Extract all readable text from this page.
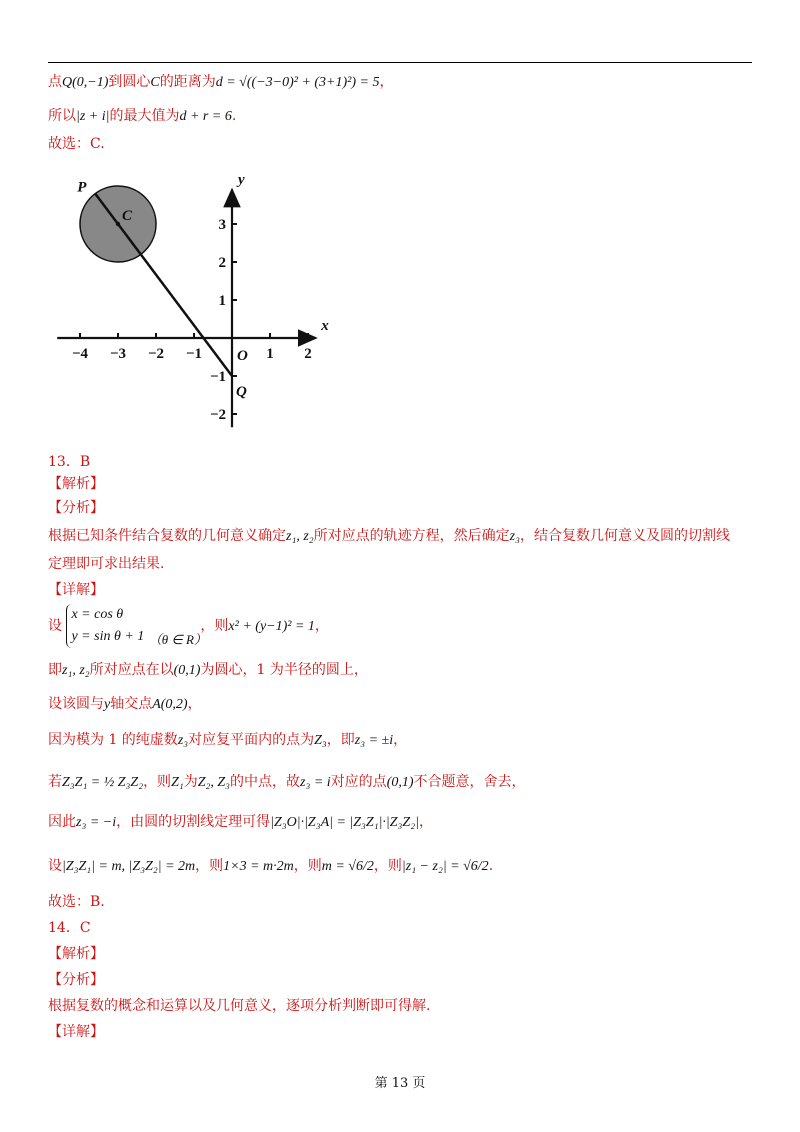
点Q(0,−1)到圆心C的距离为d = √((−3−0)² + (3+1)²) = 5，
所以|z + i|的最大值为d + r = 6.
故选：C.
−4 −3 −2 −1	1 2
3
2
1
−1
−2
x
y
O
P
C
Q
13．B
【解析】
【分析】
根据已知条件结合复数的几何意义确定z₁, z₂所对应点的轨迹方程，然后确定z₃，结合复数几何意义及圆的切割线
定理即可求出结果.
【详解】
设 x = cos θ
y = sin θ + 1 （θ ∈ R），则x² + (y−1)² = 1，
即z₁, z₂所对应点在以(0,1)为圆心，1 为半径的圆上，
设该圆与y轴交点A(0,2)，
因为模为 1 的纯虚数z₃对应复平面内的点为Z₃，即z₃ = ±i，
若Z₃Z₁ = ½ Z₃Z₂，则Z₁为Z₂, Z₃的中点，故z₃ = i对应的点(0,1)不合题意，舍去，
因此z₃ = −i，由圆的切割线定理可得|Z₃O|·|Z₃A| = |Z₃Z₁|·|Z₃Z₂|，
设|Z₃Z₁| = m, |Z₃Z₂| = 2m，则1×3 = m·2m，则m = √6/2，则|z₁ − z₂| = √6/2.
故选：B.
14．C
【解析】
【分析】
根据复数的概念和运算以及几何意义，逐项分析判断即可得解.
【详解】
第 13 页
